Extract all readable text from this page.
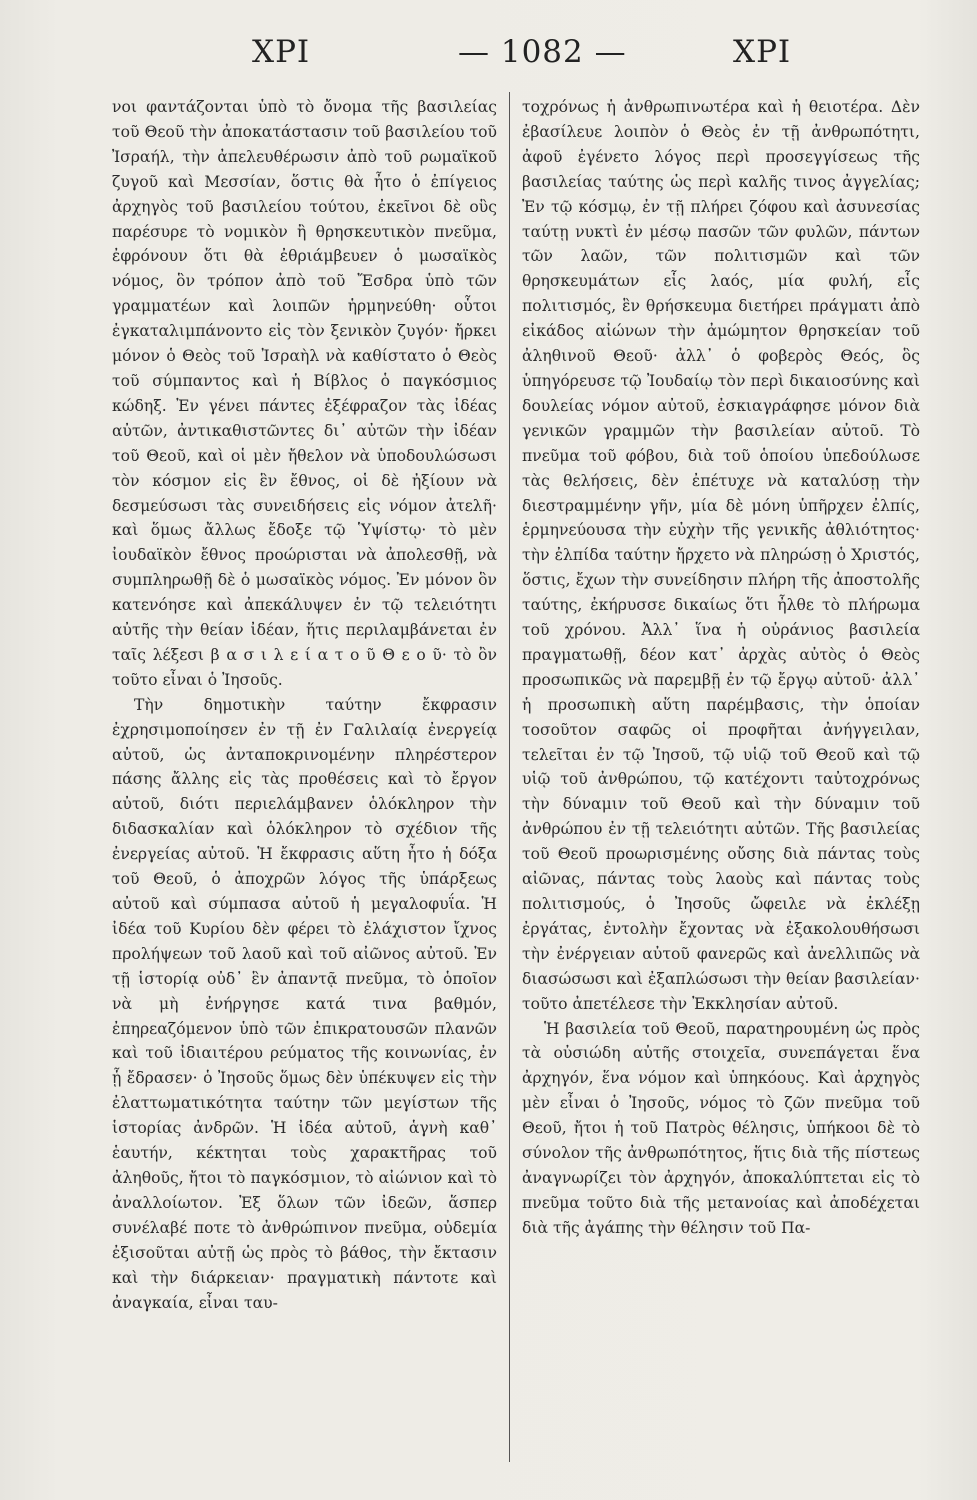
ΧΡΙ	— 1082 —	ΧΡΙ

νοι φαντάζονται ὑπὸ τὸ ὄνομα τῆς βασιλείας τοῦ Θεοῦ τὴν ἀποκατάστασιν τοῦ βασιλείου τοῦ Ἰσραήλ, τὴν ἀπελευθέρωσιν ἀπὸ τοῦ ρωμαϊκοῦ ζυγοῦ καὶ Μεσσίαν, ὅστις θὰ ἦτο ὁ ἐπίγειος ἀρχηγὸς τοῦ βασιλείου τούτου, ἐκεῖνοι δὲ οὓς παρέσυρε τὸ νομικὸν ἢ θρησκευτικὸν πνεῦμα, ἐφρόνουν ὅτι θὰ ἐθριάμβευεν ὁ μωσαϊκὸς νόμος, ὃν τρόπον ἀπὸ τοῦ Ἔσδρα ὑπὸ τῶν γραμματέων καὶ λοιπῶν ἡρμηνεύθη· οὗτοι ἐγκαταλιμπάνοντο εἰς τὸν ξενικὸν ζυγόν· ἤρκει μόνον ὁ Θεὸς τοῦ Ἰσραὴλ νὰ καθίστατο ὁ Θεὸς τοῦ σύμπαντος καὶ ἡ Βίβλος ὁ παγκόσμιος κώδηξ. Ἐν γένει πάντες ἐξέφραζον τὰς ἰδέας αὐτῶν, ἀντικαθιστῶντες δι᾽ αὐτῶν τὴν ἰδέαν τοῦ Θεοῦ, καὶ οἱ μὲν ἤθελον νὰ ὑποδουλώσωσι τὸν κόσμον εἰς ἓν ἔθνος, οἱ δὲ ἠξίουν νὰ δεσμεύσωσι τὰς συνειδήσεις εἰς νόμον ἀτελῆ· καὶ ὅμως ἄλλως ἔδοξε τῷ Ὑψίστῳ· τὸ μὲν ἰουδαϊκὸν ἔθνος προώρισται νὰ ἀπολεσθῇ, νὰ συμπληρωθῇ δὲ ὁ μωσαϊκὸς νόμος. Ἐν μόνον ὃν κατενόησε καὶ ἀπεκάλυψεν ἐν τῷ τελειότητι αὐτῆς τὴν θείαν ἰδέαν, ἥτις περιλαμβάνεται ἐν ταῖς λέξεσι β α σ ι λ ε ί α τ ο ῦ Θ ε ο ῦ· τὸ ὂν τοῦτο εἶναι ὁ Ἰησοῦς.

Τὴν δημοτικὴν ταύτην ἔκφρασιν ἐχρησιμοποίησεν ἐν τῇ ἐν Γαλιλαίᾳ ἐνεργείᾳ αὐτοῦ, ὡς ἀνταποκρινομένην πληρέστερον πάσης ἄλλης εἰς τὰς προθέσεις καὶ τὸ ἔργον αὐτοῦ, διότι περιελάμβανεν ὁλόκληρον τὴν διδασκαλίαν καὶ ὁλόκληρον τὸ σχέδιον τῆς ἐνεργείας αὐτοῦ. Ἡ ἔκφρασις αὕτη ἦτο ἡ δόξα τοῦ Θεοῦ, ὁ ἀποχρῶν λόγος τῆς ὑπάρξεως αὐτοῦ καὶ σύμπασα αὐτοῦ ἡ μεγαλοφυΐα. Ἡ ἰδέα τοῦ Κυρίου δὲν φέρει τὸ ἐλάχιστον ἴχνος προλήψεων τοῦ λαοῦ καὶ τοῦ αἰῶνος αὐτοῦ. Ἐν τῇ ἱστορίᾳ οὐδ᾽ ἓν ἀπαντᾷ πνεῦμα, τὸ ὁποῖον νὰ μὴ ἐνήργησε κατά τινα βαθμόν, ἐπηρεαζόμενον ὑπὸ τῶν ἐπικρατουσῶν πλανῶν καὶ τοῦ ἰδιαιτέρου ρεύματος τῆς κοινωνίας, ἐν ᾗ ἔδρασεν· ὁ Ἰησοῦς ὅμως δὲν ὑπέκυψεν εἰς τὴν ἐλαττωματικότητα ταύτην τῶν μεγίστων τῆς ἱστορίας ἀνδρῶν. Ἡ ἰδέα αὐτοῦ, ἁγνὴ καθ᾽ ἑαυτήν, κέκτηται τοὺς χαρακτῆρας τοῦ ἀληθοῦς, ἤτοι τὸ παγκόσμιον, τὸ αἰώνιον καὶ τὸ ἀναλλοίωτον. Ἐξ ὅλων τῶν ἰδεῶν, ἅσπερ συνέλαβέ ποτε τὸ ἀνθρώπινον πνεῦμα, οὐδεμία ἐξισοῦται αὐτῇ ὡς πρὸς τὸ βάθος, τὴν ἔκτασιν καὶ τὴν διάρκειαν· πραγματικὴ πάντοτε καὶ ἀναγκαία, εἶναι ταυ-

τοχρόνως ἡ ἀνθρωπινωτέρα καὶ ἡ θειοτέρα. Δὲν ἐβασίλευε λοιπὸν ὁ Θεὸς ἐν τῇ ἀνθρωπότητι, ἀφοῦ ἐγένετο λόγος περὶ προσεγγίσεως τῆς βασιλείας ταύτης ὡς περὶ καλῆς τινος ἀγγελίας; Ἐν τῷ κόσμῳ, ἐν τῇ πλήρει ζόφου καὶ ἀσυνεσίας ταύτῃ νυκτὶ ἐν μέσῳ πασῶν τῶν φυλῶν, πάντων τῶν λαῶν, τῶν πολιτισμῶν καὶ τῶν θρησκευμάτων εἷς λαός, μία φυλή, εἷς πολιτισμός, ἓν θρήσκευμα διετήρει πράγματι ἀπὸ εἰκάδος αἰώνων τὴν ἀμώμητον θρησκείαν τοῦ ἀληθινοῦ Θεοῦ· ἀλλ᾽ ὁ φοβερὸς Θεός, ὃς ὑπηγόρευσε τῷ Ἰουδαίῳ τὸν περὶ δικαιοσύνης καὶ δουλείας νόμον αὐτοῦ, ἐσκιαγράφησε μόνον διὰ γενικῶν γραμμῶν τὴν βασιλείαν αὐτοῦ. Τὸ πνεῦμα τοῦ φόβου, διὰ τοῦ ὁποίου ὑπεδούλωσε τὰς θελήσεις, δὲν ἐπέτυχε νὰ καταλύσῃ τὴν διεστραμμένην γῆν, μία δὲ μόνη ὑπῆρχεν ἐλπίς, ἑρμηνεύουσα τὴν εὐχὴν τῆς γενικῆς ἀθλιότητος· τὴν ἐλπίδα ταύτην ἤρχετο νὰ πληρώσῃ ὁ Χριστός, ὅστις, ἔχων τὴν συνείδησιν πλήρη τῆς ἀποστολῆς ταύτης, ἐκήρυσσε δικαίως ὅτι ἦλθε τὸ πλήρωμα τοῦ χρόνου. Ἀλλ᾽ ἵνα ἡ οὐράνιος βασιλεία πραγματωθῇ, δέον κατ᾽ ἀρχὰς αὐτὸς ὁ Θεὸς προσωπικῶς νὰ παρεμβῇ ἐν τῷ ἔργῳ αὐτοῦ· ἀλλ᾽ ἡ προσωπικὴ αὕτη παρέμβασις, τὴν ὁποίαν τοσοῦτον σαφῶς οἱ προφῆται ἀνήγγειλαν, τελεῖται ἐν τῷ Ἰησοῦ, τῷ υἱῷ τοῦ Θεοῦ καὶ τῷ υἱῷ τοῦ ἀνθρώπου, τῷ κατέχοντι ταὐτοχρόνως τὴν δύναμιν τοῦ Θεοῦ καὶ τὴν δύναμιν τοῦ ἀνθρώπου ἐν τῇ τελειότητι αὐτῶν. Τῆς βασιλείας τοῦ Θεοῦ προωρισμένης οὔσης διὰ πάντας τοὺς αἰῶνας, πάντας τοὺς λαοὺς καὶ πάντας τοὺς πολιτισμούς, ὁ Ἰησοῦς ὤφειλε νὰ ἐκλέξῃ ἐργάτας, ἐντολὴν ἔχοντας νὰ ἐξακολουθήσωσι τὴν ἐνέργειαν αὐτοῦ φανερῶς καὶ ἀνελλιπῶς νὰ διασώσωσι καὶ ἐξαπλώσωσι τὴν θείαν βασιλείαν· τοῦτο ἀπετέλεσε τὴν Ἐκκλησίαν αὐτοῦ.

Ἡ βασιλεία τοῦ Θεοῦ, παρατηρουμένη ὡς πρὸς τὰ οὐσιώδη αὐτῆς στοιχεῖα, συνεπάγεται ἕνα ἀρχηγόν, ἕνα νόμον καὶ ὑπηκόους. Καὶ ἀρχηγὸς μὲν εἶναι ὁ Ἰησοῦς, νόμος τὸ ζῶν πνεῦμα τοῦ Θεοῦ, ἤτοι ἡ τοῦ Πατρὸς θέλησις, ὑπήκοοι δὲ τὸ σύνολον τῆς ἀνθρωπότητος, ἥτις διὰ τῆς πίστεως ἀναγνωρίζει τὸν ἀρχηγόν, ἀποκαλύπτεται εἰς τὸ πνεῦμα τοῦτο διὰ τῆς μετανοίας καὶ ἀποδέχεται διὰ τῆς ἀγάπης τὴν θέλησιν τοῦ Πα-
